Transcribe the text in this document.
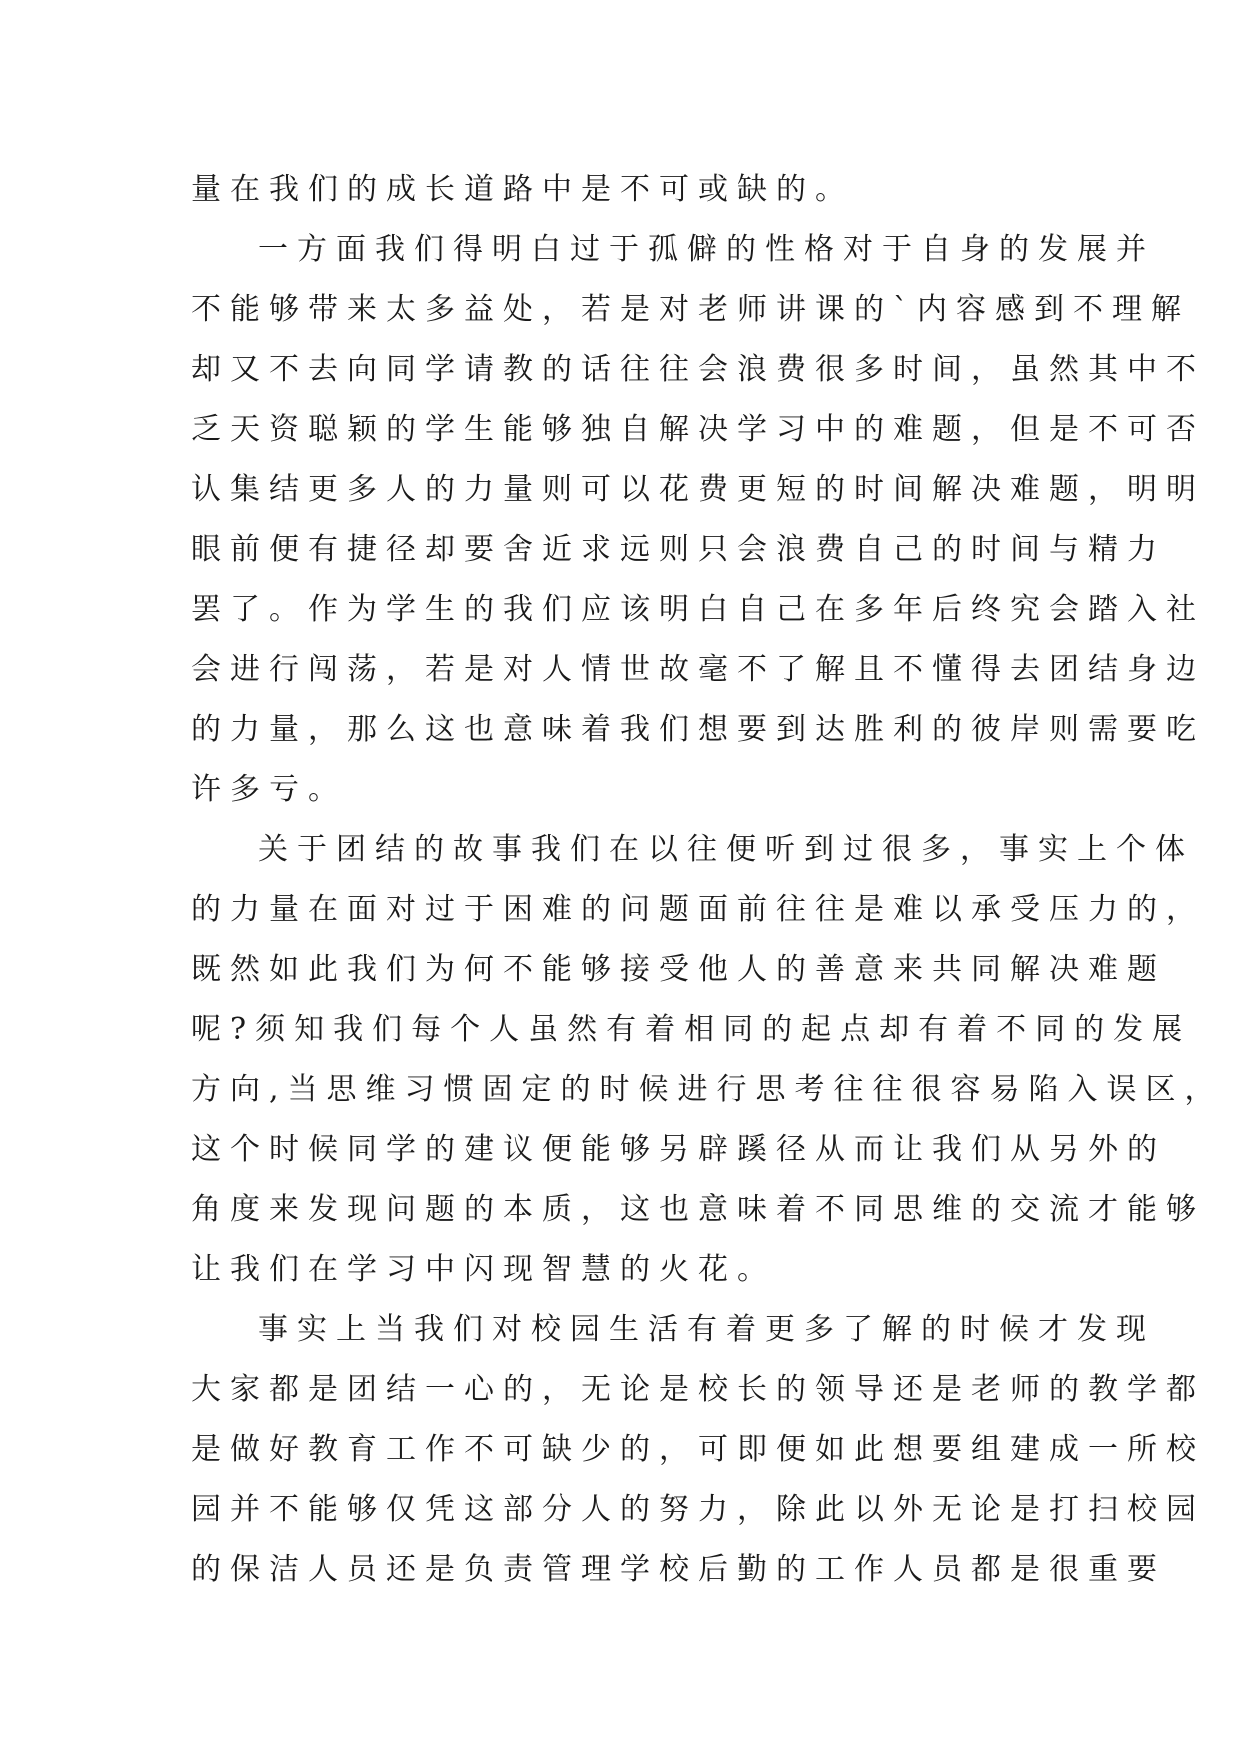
量在我们的成长道路中是不可或缺的。
一方面我们得明白过于孤僻的性格对于自身的发展并
不能够带来太多益处，若是对老师讲课的`内容感到不理解
却又不去向同学请教的话往往会浪费很多时间，虽然其中不
乏天资聪颖的学生能够独自解决学习中的难题，但是不可否
认集结更多人的力量则可以花费更短的时间解决难题，明明
眼前便有捷径却要舍近求远则只会浪费自己的时间与精力
罢了。作为学生的我们应该明白自己在多年后终究会踏入社
会进行闯荡，若是对人情世故毫不了解且不懂得去团结身边
的力量，那么这也意味着我们想要到达胜利的彼岸则需要吃
许多亏。
关于团结的故事我们在以往便听到过很多，事实上个体
的力量在面对过于困难的问题面前往往是难以承受压力的，
既然如此我们为何不能够接受他人的善意来共同解决难题
呢?须知我们每个人虽然有着相同的起点却有着不同的发展
方向,当思维习惯固定的时候进行思考往往很容易陷入误区，
这个时候同学的建议便能够另辟蹊径从而让我们从另外的
角度来发现问题的本质，这也意味着不同思维的交流才能够
让我们在学习中闪现智慧的火花。
事实上当我们对校园生活有着更多了解的时候才发现
大家都是团结一心的，无论是校长的领导还是老师的教学都
是做好教育工作不可缺少的，可即便如此想要组建成一所校
园并不能够仅凭这部分人的努力，除此以外无论是打扫校园
的保洁人员还是负责管理学校后勤的工作人员都是很重要
